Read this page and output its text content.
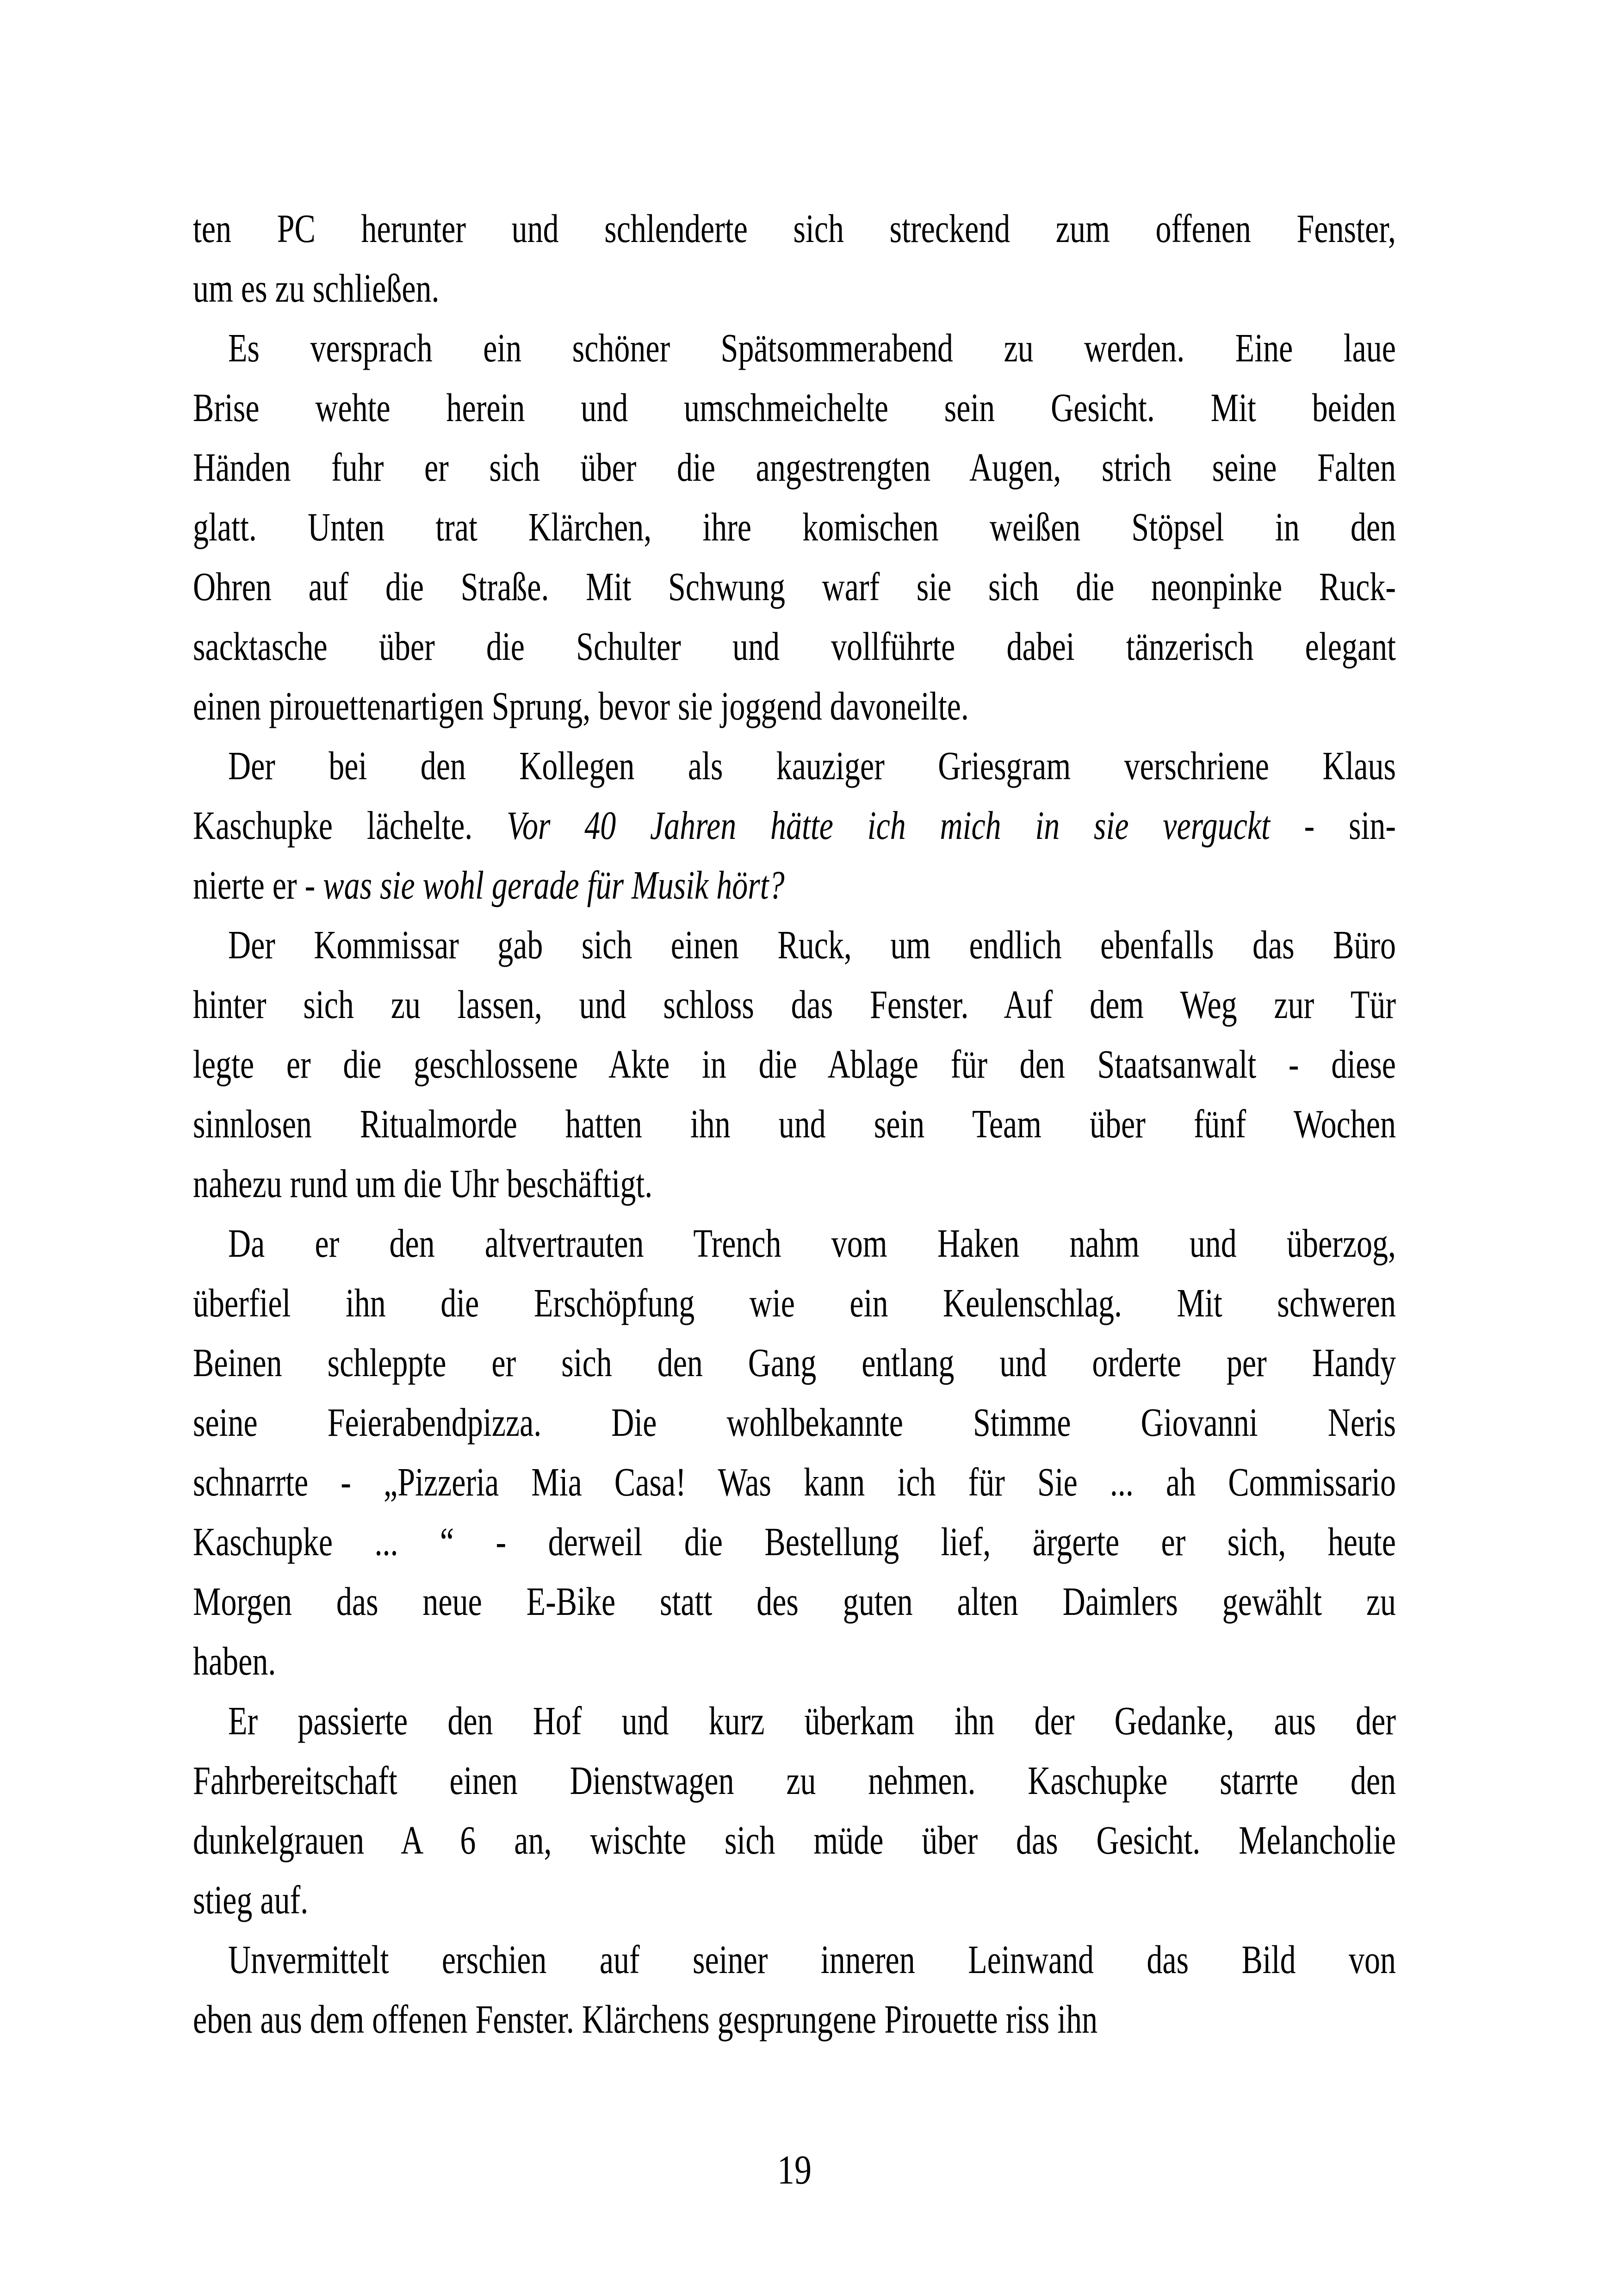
ten PC herunter und schlenderte sich streckend zum offenen Fenster,
um es zu schließen.
Es versprach ein schöner Spätsommerabend zu werden. Eine laue
Brise wehte herein und umschmeichelte sein Gesicht. Mit beiden
Händen fuhr er sich über die angestrengten Augen, strich seine Falten
glatt. Unten trat Klärchen, ihre komischen weißen Stöpsel in den
Ohren auf die Straße. Mit Schwung warf sie sich die neonpinke Ruck-
sacktasche über die Schulter und vollführte dabei tänzerisch elegant
einen pirouettenartigen Sprung, bevor sie joggend davoneilte.
Der bei den Kollegen als kauziger Griesgram verschriene Klaus
Kaschupke lächelte. Vor 40 Jahren hätte ich mich in sie verguckt - sin-
nierte er - was sie wohl gerade für Musik hört?
Der Kommissar gab sich einen Ruck, um endlich ebenfalls das Büro
hinter sich zu lassen, und schloss das Fenster. Auf dem Weg zur Tür
legte er die geschlossene Akte in die Ablage für den Staatsanwalt - diese
sinnlosen Ritualmorde hatten ihn und sein Team über fünf Wochen
nahezu rund um die Uhr beschäftigt.
Da er den altvertrauten Trench vom Haken nahm und überzog,
überfiel ihn die Erschöpfung wie ein Keulenschlag. Mit schweren
Beinen schleppte er sich den Gang entlang und orderte per Handy
seine Feierabendpizza. Die wohlbekannte Stimme Giovanni Neris
schnarrte - „Pizzeria Mia Casa! Was kann ich für Sie ... ah Commissario
Kaschupke ... “ - derweil die Bestellung lief, ärgerte er sich, heute
Morgen das neue E-Bike statt des guten alten Daimlers gewählt zu
haben.
Er passierte den Hof und kurz überkam ihn der Gedanke, aus der
Fahrbereitschaft einen Dienstwagen zu nehmen. Kaschupke starrte den
dunkelgrauen A 6 an, wischte sich müde über das Gesicht. Melancholie
stieg auf.
Unvermittelt erschien auf seiner inneren Leinwand das Bild von
eben aus dem offenen Fenster. Klärchens gesprungene Pirouette riss ihn
19
